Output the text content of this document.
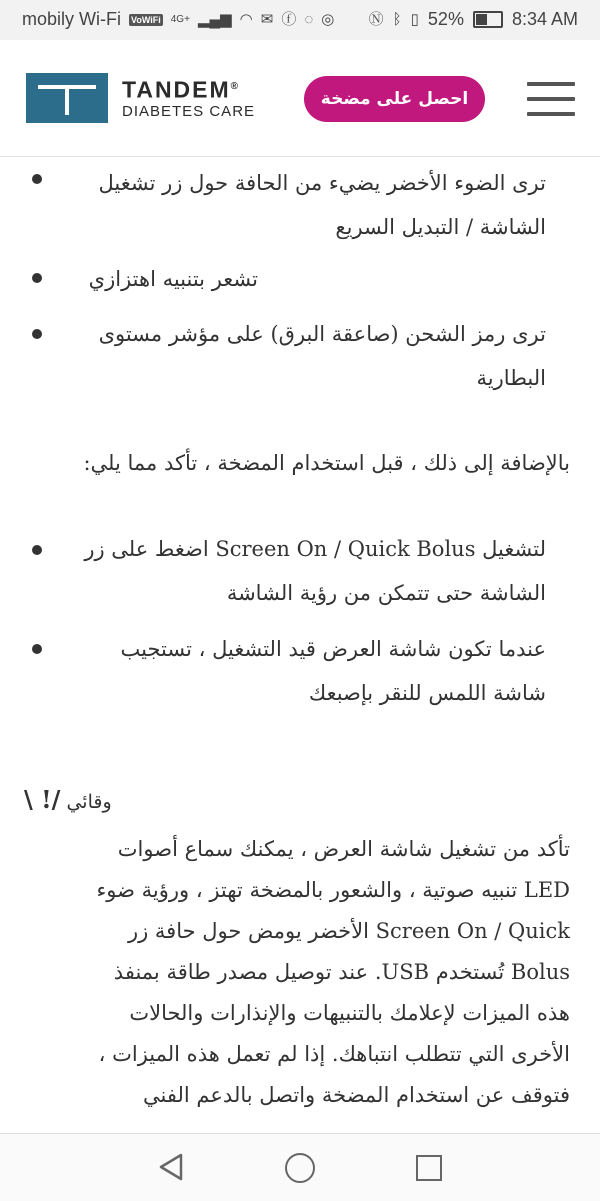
mobily Wi-Fi VoWiFi 4G+ ▂▄▆ ◠ ✉ ⓕ ◌ ◎ Ⓝ ᛒ ▯ 52%	8:34 AM
TANDEM®
DIABETES CARE
احصل على مضخة
ترى الضوء الأخضر يضيء من الحافة حول زر تشغيل
الشاشة / التبديل السريع
تشعر بتنبيه اهتزازي
ترى رمز الشحن (صاعقة البرق) على مؤشر مستوى
البطارية
بالإضافة إلى ذلك ، قبل استخدام المضخة ، تأكد مما يلي:
لتشغيل Screen On / Quick Bolus اضغط على زر
الشاشة حتى تتمكن من رؤية الشاشة
عندما تكون شاشة العرض قيد التشغيل ، تستجيب
شاشة اللمس للنقر بإصبعك
\ !/ وقائي
تأكد من تشغيل شاشة العرض ، يمكنك سماع أصوات
LED تنبيه صوتية ، والشعور بالمضخة تهتز ، ورؤية ضوء
Screen On / Quick الأخضر يومض حول حافة زر
Bolus تُستخدم USB. عند توصيل مصدر طاقة بمنفذ
هذه الميزات لإعلامك بالتنبيهات والإنذارات والحالات
الأخرى التي تتطلب انتباهك. إذا لم تعمل هذه الميزات ،
فتوقف عن استخدام المضخة واتصل بالدعم الفني
